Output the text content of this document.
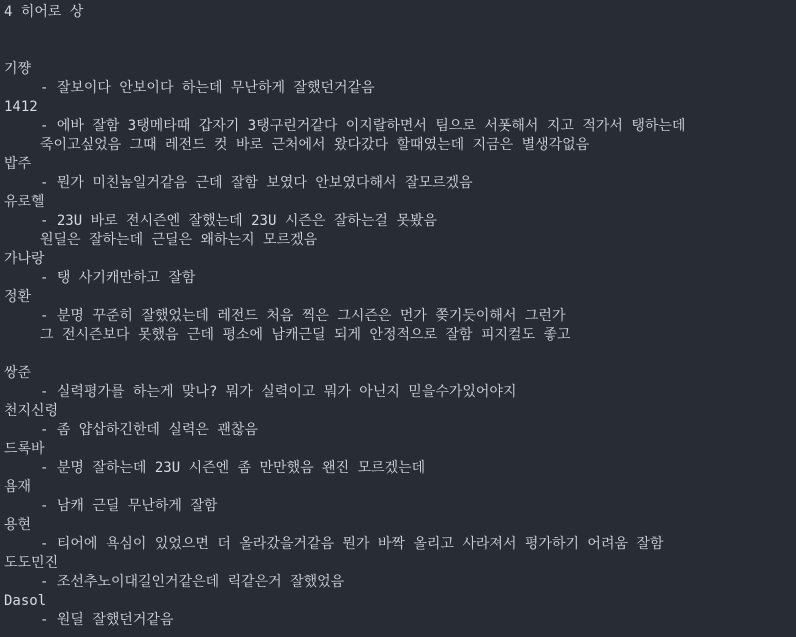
4 히어로 상
기쨩
- 잘보이다 안보이다 하는데 무난하게 잘했던거같음
1412
- 에바 잘함 3탱메타때 갑자기 3탱구린거같다 이지랄하면서 팀으로 서폿해서 지고 적가서 탱하는데
죽이고싶었음 그때 레전드 컷 바로 근처에서 왔다갔다 할때였는데 지금은 별생각없음
밥주
- 뭔가 미친놈일거같음 근데 잘함 보였다 안보였다해서 잘모르겠음
유로헬
- 23U 바로 전시즌엔 잘했는데 23U 시즌은 잘하는걸 못봤음
원딜은 잘하는데 근딜은 왜하는지 모르겠음
가나랑
- 탱 사기캐만하고 잘함
정환
- 분명 꾸준히 잘했었는데 레전드 처음 찍은 그시즌은 먼가 쫒기듯이해서 그런가
그 전시즌보다 못했음 근데 평소에 남캐근딜 되게 안정적으로 잘함 피지컬도 좋고
쌍준
- 실력평가를 하는게 맞나? 뭐가 실력이고 뭐가 아닌지 믿을수가있어야지
천지신령
- 좀 얍삽하긴한데 실력은 괜찮음
드록바
- 분명 잘하는데 23U 시즌엔 좀 만만했음 왠진 모르겠는데
욤재
- 남캐 근딜 무난하게 잘함
용현
- 티어에 욕심이 있었으면 더 올라갔을거같음 뭔가 바짝 올리고 사라져서 평가하기 어려움 잘함
도도민진
- 조선추노이대길인거같은데 릭같은거 잘했었음
Dasol
- 원딜 잘했던거같음
